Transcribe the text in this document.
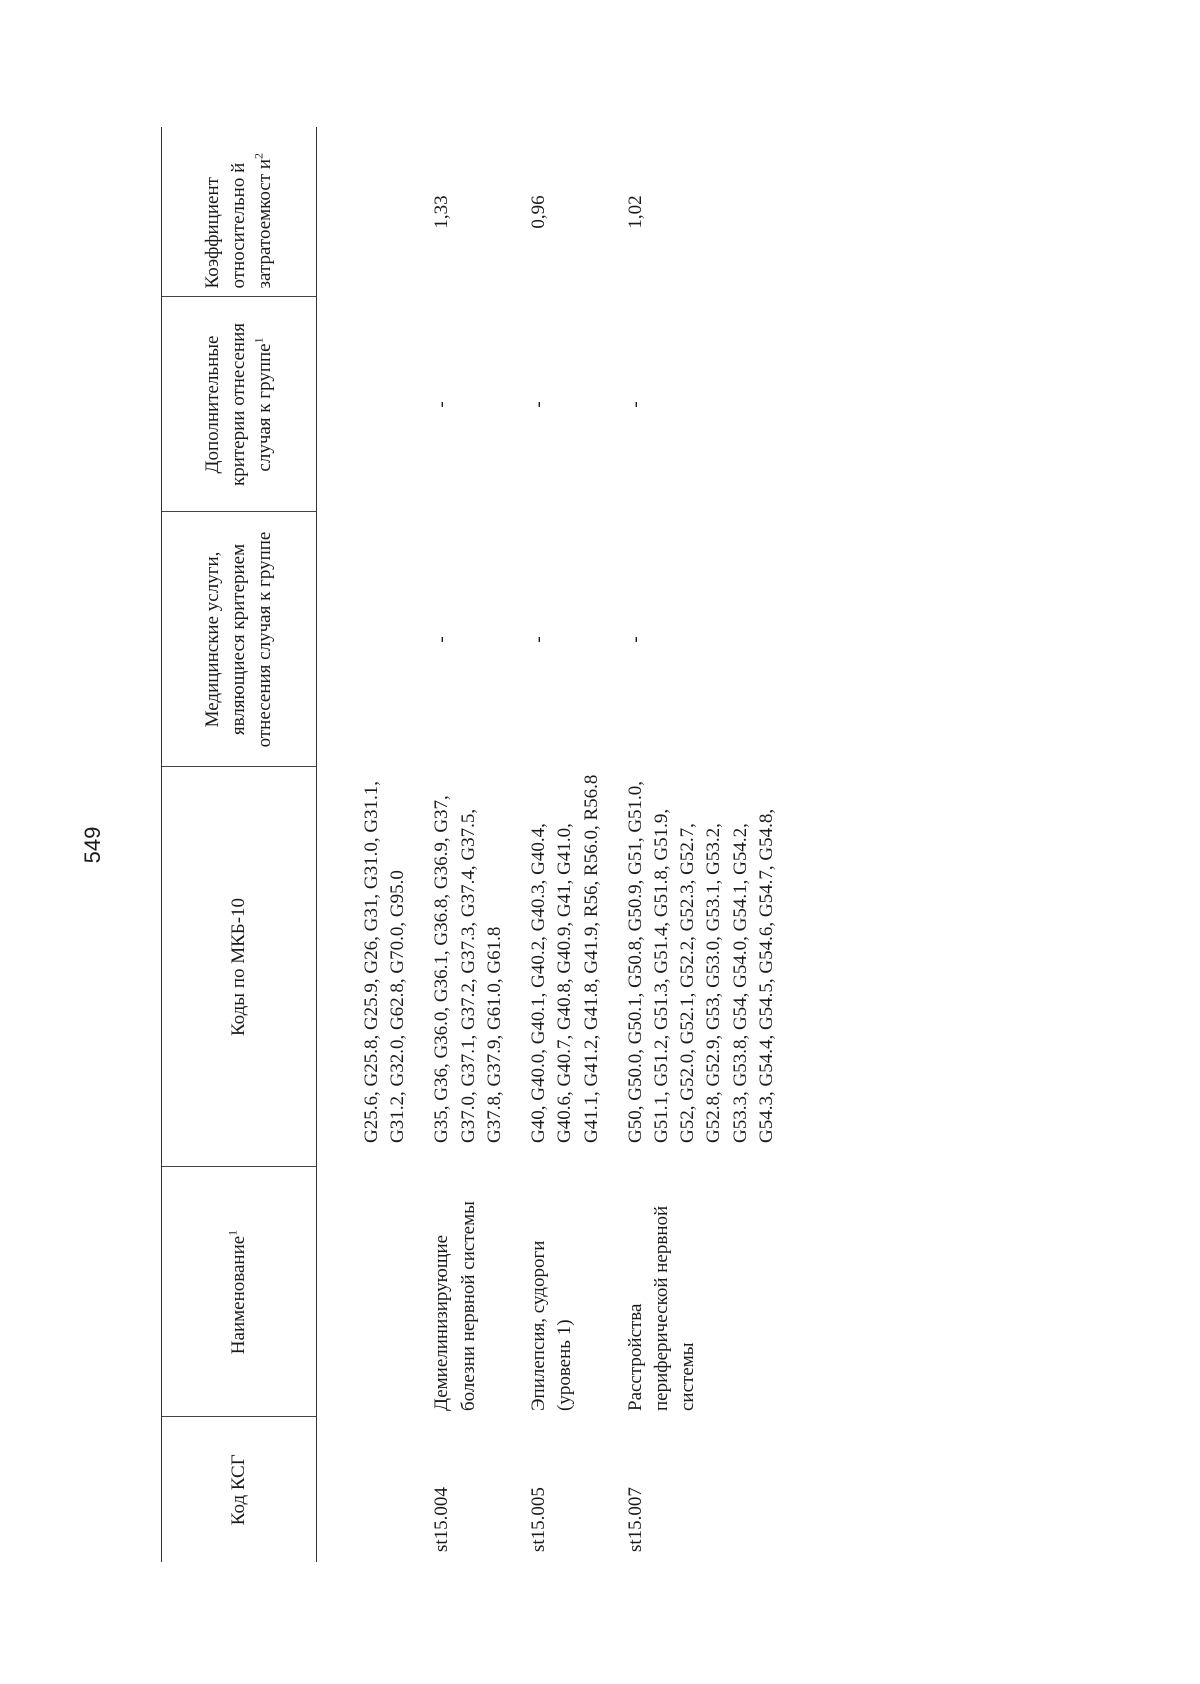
549
Код КСГ	Наименование$^1$	Коды по МКБ-10	Медицинские услуги, являющиеся критерием отнесения случая к группе	Дополнительные критерии отнесения случая к группе$^1$	Коэффициент относительно й затратоемкост $и^2$
		G25.6, G25.8, G25.9, G26, G31, G31.0, G31.1, G31.2, G32.0, G62.8, G70.0, G95.0			
st15.004	Демиелинизирующие болезни нервной системы	G35, G36, G36.0, G36.1, G36.8, G36.9, G37, G37.0, G37.1, G37.2, G37.3, G37.4, G37.5, G37.8, G37.9, G61.0, G61.8	-	-	1,33
st15.005	Эпилепсия, судороги (уровень 1)	G40, G40.0, G40.1, G40.2, G40.3, G40.4, G40.6, G40.7, G40.8, G40.9, G41, G41.0, G41.1, G41.2, G41.8, G41.9, R56, R56.0, R56.8	-	-	0,96
st15.007	Расстройства периферической нервной системы	G50, G50.0, G50.1, G50.8, G50.9, G51, G51.0, G51.1, G51.2, G51.3, G51.4, G51.8, G51.9, G52, G52.0, G52.1, G52.2, G52.3, G52.7, G52.8, G52.9, G53, G53.0, G53.1, G53.2, G53.3, G53.8, G54, G54.0, G54.1, G54.2, G54.3, G54.4, G54.5, G54.6, G54.7, G54.8,	-	-	1,02
